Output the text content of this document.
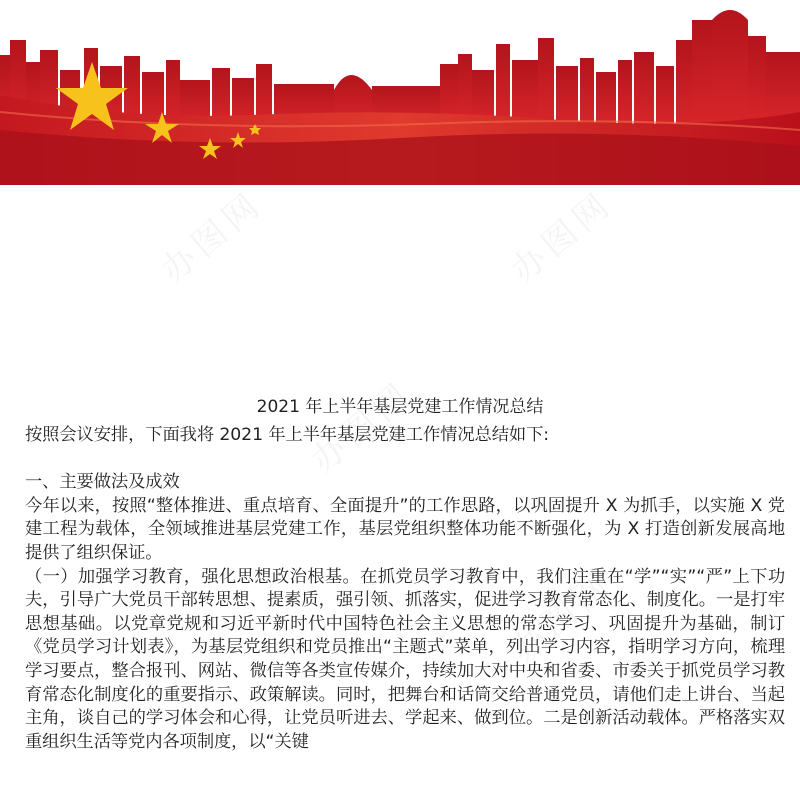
2021 年上半年基层党建工作情况总结

按照会议安排，下面我将 2021 年上半年基层党建工作情况总结如下:

一、主要做法及成效

今年以来，按照“整体推进、重点培育、全面提升”的工作思路，以巩固提升 X 为抓手，以实施 X 党建工程为载体，全领域推进基层党建工作，基层党组织整体功能不断强化，为 X 打造创新发展高地提供了组织保证。

（一）加强学习教育，强化思想政治根基。在抓党员学习教育中，我们注重在“学”“实”“严”上下功夫，引导广大党员干部转思想、提素质，强引领、抓落实，促进学习教育常态化、制度化。一是打牢思想基础。以党章党规和习近平新时代中国特色社会主义思想的常态学习、巩固提升为基础，制订《党员学习计划表》，为基层党组织和党员推出“主题式”菜单，列出学习内容，指明学习方向，梳理学习要点，整合报刊、网站、微信等各类宣传媒介，持续加大对中央和省委、市委关于抓党员学习教育常态化制度化的重要指示、政策解读。同时，把舞台和话筒交给普通党员，请他们走上讲台、当起主角，谈自己的学习体会和心得，让党员听进去、学起来、做到位。二是创新活动载体。严格落实双重组织生活等党内各项制度，以“关键
